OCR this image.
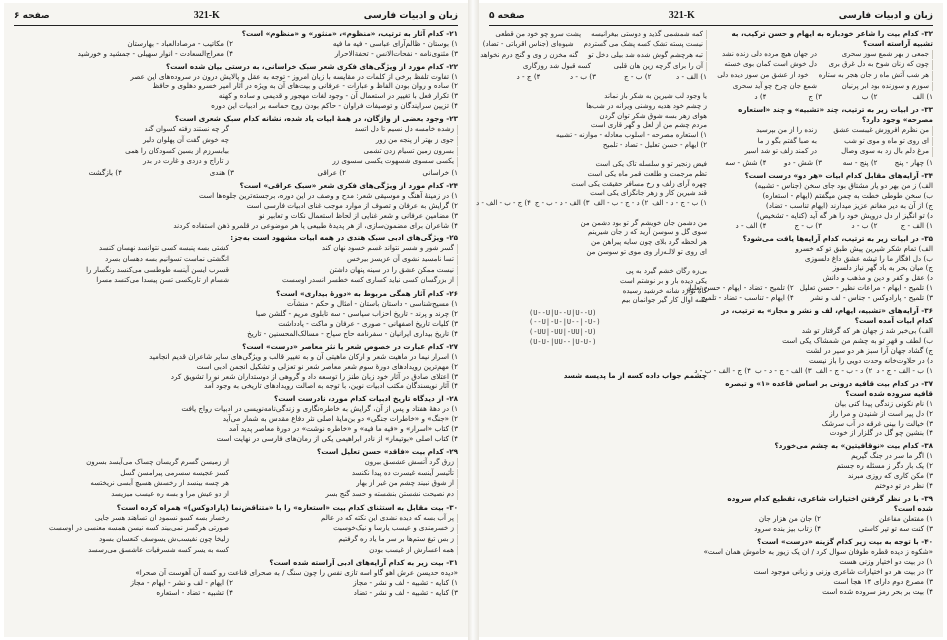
زبان و ادبیات فارسی
321-K
صفحه ۵
۳۲- کدام بیت را شاعر خودباره به ایهام و حسن ترکیب، به تشبیه آراسته است؟
جمعی ز بهر شمع سوز سحری
در جهان هیچ مرده دلی زنده نشد
چون که زنان شوخ به دل غرق بری
دل خوش است کمان بوی خسته
هر شب آتش ماه ز جان هجر به ستاره
خود از عشق من سوز دیده دلی
سوزم و سوزنده بود ابر پرنیان
شمع جان چرخ چو آید سحری
۱) الف
۲) ب
۳) ج
۴) د
۳۳- در ابیات زیر به ترتیب، چند «تشبیه» و چند «استعاره مصرحه» وجود دارد؟
من نظرم افروزش غیبست عشق
زنده را از من بپرسید
ای روی تو ماه و موی تو شب
به صبا گفتم بگو ز ما
مرغ دلم بال زد به سوی وصال
در کمند زلف تو شد اسیر
۱) چهار - پنج
۲) پنج - سه
۳) شش - دو
۴) شش - سه
۳۴- آرایه‌های مقابل کدام ابیات «هر دو» درست است؟
الف) ز من بهر دو یار مشتاق بود جای سخن (جناس - تشبیه)
ب) سخن طوطی خطت به چمن میگفتم (ایهام - استعاره)
ج) از آن به دیر مغانم عزیز میدارند (ایهام تناسب - تضاد)
د) تو انگیز ار دل درویش خود را هر گه آید (کنایه - تشخیص)
۱) الف - ج
۲) ب - د
۳) ب - ج
۴) الف - د
۳۵- در ابیات زیر به ترتیب، کدام آرایه‌ها یافت می‌شود؟
الف) تمام شکر شیرین پیش طبق تو که خسرو
ب) دل افگار ما را تیشه عشق داغ دلسوزی
ج) میان بحر به باد گهر نیاز دلسوز
د) عقل و کفر و دین و مذهب و دانش
۱) تلمیح - ایهام - مراعات نظیر - حسن تعلیل
۲) تلمیح - تضاد - ایهام - حسن تعلیل
۳) تلمیح - پارادوکس - جناس - لف و نشر
۴) ایهام - تناسب - تضاد - تلمیح
۳۶- آرایه‌های «تشبیه، ایهام، لف و نشر و مجاز» به ترتیب، در کدام ابیات آمده است؟
الف) بی‌خبر شد ز جهان هر که گرفتار تو شد
ب) لطف و قهر تو به چشم من شمشاک یکی است
ج) گشاد جهان آرا سبز هر دو سیر در لشت
د) در حلاوت‌خانه وحدت دویی را باز نیست
۱) ب - الف - ج - د
۲) د - ب - ج - الف
۳) الف - ج - د - ب
۴) ج - الف - ب - د
۳۷- در کدام بیت قافیه درونی بر اساس قاعده «۱» و تبصره قافیه سروده شده است؟
۱) نام نکونی زندگی پیدا کنی بیان
۲) دل پیر است از شنیدن و مرا راز
۳) خیالت را بینی غرقه در آب سرشک
۴) بنشین چو گل در گلزار از خودت
۳۸- کدام بیت «نوقافیتین» به چشم می‌خورد؟
۱) اگر ما سر در جنگ گیریم
۲) یک بار دگر ز مسئله ره جستم
۳) مکن کاری که روزی مبرند
۴) نظر در تو دوختم
۳۹- با در نظر گرفتن اختیارات شاعری، تقطیع کدام سروده شده است؟
۱) مفتعلن مفاعلن
۲) جان من هزار جان
۳) کنت سه تو تیر کاستی
۴) زتاب بیز بنده سرود
۴۰- با توجه به بیت زیر کدام گزینه «درست» است؟
«شکوه ز دیده قطره طوفان سوال کرد / ان یک زیور به خاموش همان است»
۱) در بیت دو اختیار وزنی هست
۲) در بیت هر دو اختیارات شاعری وزنی و زبانی موجود است
۳) مصرع دوم دارای ۱۴ هجا است
۴) بیت بر بحر رمز سروده شده است
کمه شمشمی گذید و دوستی بیغرانیسه
پشت سرو چو خود من قطعی
نیست پسته تشک کسه پشک می گستردم
شیوه‌ای (جناس اقرباتی - تضاد)
تبه هرچشم گوش شده شد بیلی دخل تو
گنه مخزن ز وی و گنج درم نخواهد
آن را برای گرچه زین هان قلبی
کسه قبول شد روزگاری
۱) الف - د
۲) ب - ج
۳) ب - د
۴) ج - د
یا وجود لب شیرین به شکر باز نماند
ز چشم خود هدیه روشنی ویرانه در شب‌ها
هوای زهر بسه شوق شکر توان گردن
مردم چشم من از لعل و گهر قاری است
۱) استعاره مصرحه - اسلوب معادله - موازنه - تشبیه
۲) ایهام - حسن تعلیل - تضاد - تلمیح
فیض زنجیر تو و سلسله تاک یکی است
تظم مرجمت و طلعت قمر ماه یکی است
چهره آرای زلف و رخ مسافر حقیقت یکی است
قند شیرین کار و زهر جانگزای یکی است
۱) ب - ج - د - الف
۲) د - ج - ب - الف
۳) الف - د - ب - ج
۴) ج - ب - الف - د
من دشمن جان خویشم گر تو بود دشمن من
سوی گل و سوسن آرید که ز جان شیرینم
هر لحظه گرد بلای چون سایه پیراهن من
ای روی تو لالـه‌زار وی موی تو سوسن من
بی‌زه رگان خشم گیرد به پی
یکی دیده بار و بر نوشتم است
گاه نوازد شانه خرشید رسیده
بسه اوال کار گیر جوانمان بیم
(U--U|U--U|U--U)
(--U|-U-|U--|-U-)
(-UU|-UU|-UU|-U)
(U-U-|UU--|U-U-)
چشمم جواب داده کسه از ما پدیسه شسد
زبان و ادبیات فارسی
321-K
صفحه ۶
۲۱- کدام آثار به ترتیب، «منظوم»، «منثور» و «منظوم» است؟
۱) بوستان - ظالم‌آرای عباسی - فیه ما فیه
۲) مکاتیب - مرصادالعباد - بهارستان
۳) مثنوی‌نامه - نفحات‌الانس - تحفةالاحرار
۴) معراج‌السعادت - انوار سهیلی - جمشید و خورشید
۲۲- کدام مورد از ویژگی‌های فکری شعر سبک خراسانی، به درستی بیان شده است؟
۱) تفاوت تلفظ برخی از کلمات در مقایسه با زبان امروز - توجه به عقل و پالایش درون در سروده‌های این عصر
۲) ساده و روان بودن الفاظ و عبارات - عرفانی و بیت‌های آن به ویژه در آثار امیر خسرو دهلوی و حافظ
۳) تکرار فعل با تغییر در استعمال آن - وجود لغات مهجور و قدیمی و ساده و کهنه
۴) تزیین سرایندگان و توصیفات فراوان - حاکم بودن روح حماسه بر ادبیات این دوره
۲۳- وجود بعضی از واژگان، در همهٔ ابیات یاد شده، نشانه کدام سبک شعری است؟
زشده خامسه دل نسیم تا دل اتسد
گر چه نستند زفته کسوان گند
جوی ز بهتر از پنجه من زور
چه خوش گفت آن پهلوان دلیر
بسرون زمین تسیام زدن تشمی
بیابسرزم از یسین کسودکان را همی
یکسی سسوی شسهوت یکسی سسوی زر
ز تاراج و دزدی و غارت در بدر
۱) خراسانی
۲) عراقی
۳) هندی
۴) بازگشت
۲۴- کدام مورد از ویژگی‌های فکری شعر «سبک عراقی» است؟
۱) در زمینهٔ آهنگ و موسیقی شعر: مدح و وصف در این دوره، برجسته‌ترین جلوه‌ها است
۲) گرایش به عرفان و تصوف از موارد موجب غنای ادبیات فارسی است
۳) مضامین عرفانی و شعر غنایی از لحاظ استعمال نکات و تعابیر نو
۴) شاعران برای مضمون‌سازی، از هر پدیدهٔ طبیعی یا هر موضوعی در قلمرو ذهن استفاده کردند
۲۵- ویژگی‌های ادبی سبک هندی در همه ابیات مشهود است به‌جز:
گسر شور و شسر نتواند غسم خسود نهان کند
کشتی بسه پنبسه کسی نتوانسد نهسان کنسد
تسا نامسید نشوی آن عزیسز بیرخس
انگشتی نماست تسوانیم بسه دهسان بسرد
نیست ممکن عشق را در سینه پنهان داشتن
قسرب ایسن آینسه طوطسی می‌کنسد رنگسار را
از بزرگسان کسی نیاید کساری کسه خطسر انسدر اوسست
شسام از تاریکسی تسن پیسدا می‌کنسد مسرا
۲۶- کدام آثار همگی مربوط به «دورهٔ بیداری» است؟
۱) مسیح‌شناسی - داستان باستان - امثال و حکم - منشآت
۲) چرند و پرند - تاریخ احزاب سیاسی - سه تابلوی مریم - گلشن صبا
۳) کلیات تاریخ اصفهانی - صوری - عرفان و ماکت - یادداشت
۴) تاریخ بیداری ایرانیان - سفرنامه حاج سیاح - مسالک‌المحسنین - تاریخ
۲۷- کدام عبارت در خصوص شعر یا نثر معاصر «درست» است؟
۱) اسرار نیما در ماهیت شعر و ارکان ماهیتی آن و به تغییر قالب و ویژگی‌های سایر شاعران قدیم انجامید
۲) مهم‌ترین رویدادهای دورهٔ سوم شعر معاصر شعر نو تعزلی و تشکیل انجمن ادبی است
۳) اعتلای صادق در آثار خود زبان طنز را توسعه داد و گروهی از دوستداران شعر نو را تشویق کرد
۴) آثار نویسندگان مکتب ادبیات نوین، با توجه به اصالت رویدادهای تاریخی به وجود آمد
۲۸- از دیدگاه تاریخ ادبیات کدام مورد، نادرست است؟
۱) در دههٔ هفتاد و پس از آن، گرایش به خاطره‌نگاری و زندگی‌نامه‌نویسی در ادبیات رواج یافت
۲) «جنگ» و «خاطرات جنگی» دو بن‌مایهٔ اصلی نثر دفاع مقدس به شمار می‌آید
۳) کتاب «اسرار» و «فیه ما فیه» و «خاطره نوشت» در دورهٔ معاصر پدید آمد
۴) کتاب اصلی «بوتیمار» از نادر ابراهیمی یکی از رمان‌های فارسی در نهایت است
۲۹- کدام بیت «فاقد» حسن تعلیل است؟
زرق گرد آتسش عشسق بیرون
از زمیسن گسرم گریسان چساک می‌آیسد بسرون
تأثیسر آینسه غیسرت ده پیدا نکنسد
کسز عجیسه سسرمی پیرامسن گسل
از شوق نبیند چشم من غیر از بهار
هر چسه بینسد از رخسش هسیچ آبسی نریختسه
دم نصیحت نشستن بنشسته و حسد گنج بسر
از دو عیش مرا و بسه ره عیسب میزیسد
۳۰- بیت مقابل به استثنای کدام بیت «استعاره» را با «متناقض‌نما (پارادوکس)» همراه کرده است؟
پر آب بسه که دیده نشدی این نکته که در عالم
رخسار بسه کسو نسمود ان تساهند هسر جایی
ز خسرمندی و عیسب یارسا و نیک‌خوسیت
صورتی هرگسز نمی‌بیند کسه نیسن همسه معنسی در اوسست
ز بس تیغ ستم‌ها بر سر ما یاد ره گرفتیم
زلیخا چون نفیسب‌ش یسوسف کنعسان بسود
همه اعسارش از غیسب بودن
کسه به یسر کسه شسرفیات عاشسق می‌رسسد
۳۱- بیت زیر به کدام آرایه‌های ادبی آراسته شده است؟
«دیده حدیسن عرش اهو گاو اسه تازی نفس را چون سنگ / به صحرای قناعت رو کسه آن آهوست آن صحرا»
۱) کنایه - تشبیه - لف و نشر - مجاز
۲) ایهام - لف و نشر - ایهام - مجاز
۳) کنایه - تشبیه - لف و نشر - تضاد
۴) تشبیه - تضاد - استعاره
